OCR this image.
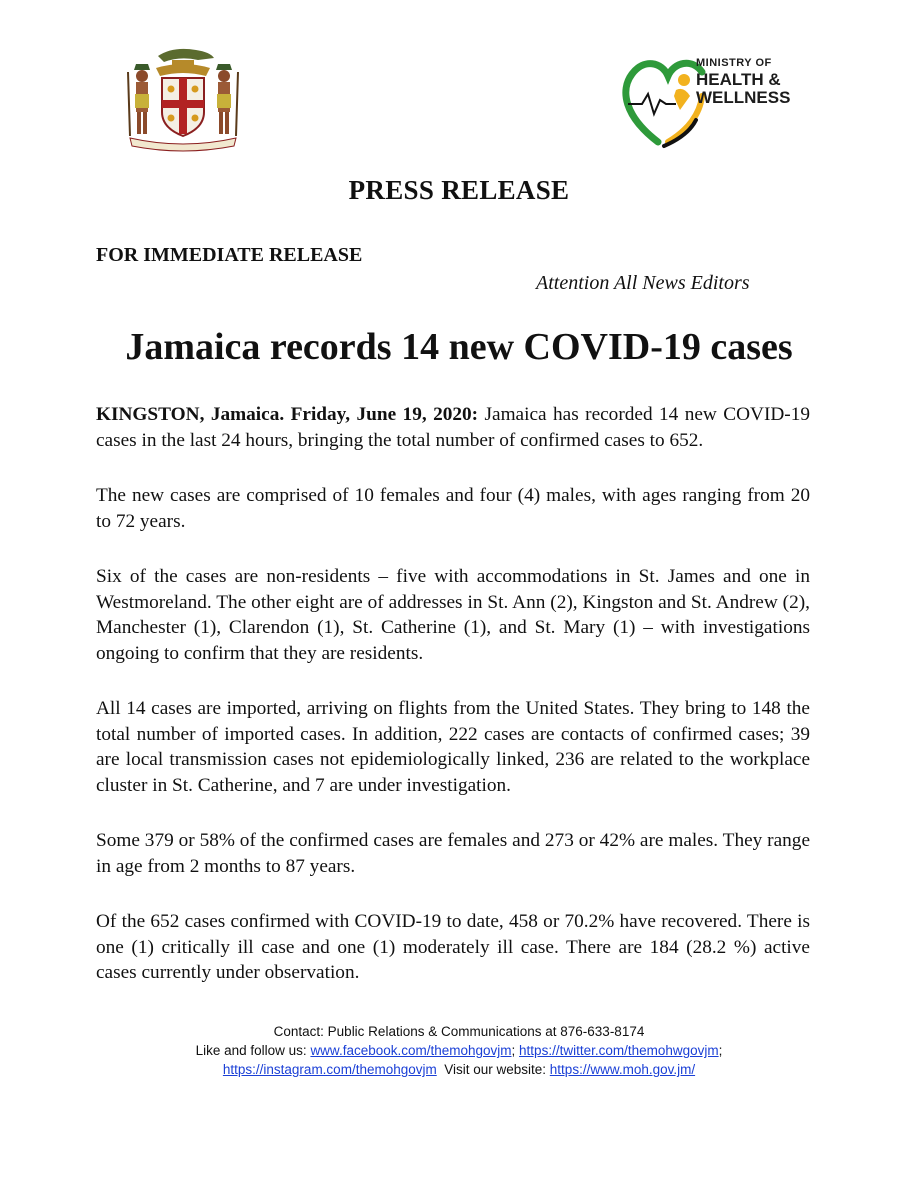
MINISTRY OF
HEALTH &
WELLNESS
PRESS RELEASE
FOR IMMEDIATE RELEASE
Attention All News Editors
Jamaica records 14 new COVID-19 cases

KINGSTON, Jamaica. Friday, June 19, 2020: Jamaica has recorded 14 new COVID-19 cases in the last 24 hours, bringing the total number of confirmed cases to 652.

The new cases are comprised of 10 females and four (4) males, with ages ranging from 20 to 72 years.

Six of the cases are non-residents – five with accommodations in St. James and one in Westmoreland. The other eight are of addresses in St. Ann (2), Kingston and St. Andrew (2), Manchester (1), Clarendon (1), St. Catherine (1), and St. Mary (1) – with investigations ongoing to confirm that they are residents.

All 14 cases are imported, arriving on flights from the United States. They bring to 148 the total number of imported cases. In addition, 222 cases are contacts of confirmed cases; 39 are local transmission cases not epidemiologically linked, 236 are related to the workplace cluster in St. Catherine, and 7 are under investigation.

Some 379 or 58% of the confirmed cases are females and 273 or 42% are males. They range in age from 2 months to 87 years.

Of the 652 cases confirmed with COVID-19 to date, 458 or 70.2% have recovered. There is one (1) critically ill case and one (1) moderately ill case. There are 184 (28.2 %) active cases currently under observation.

Contact: Public Relations & Communications at 876-633-8174
Like and follow us: www.facebook.com/themohgovjm; https://twitter.com/themohwgovjm;
https://instagram.com/themohgovjm  Visit our website: https://www.moh.gov.jm/
